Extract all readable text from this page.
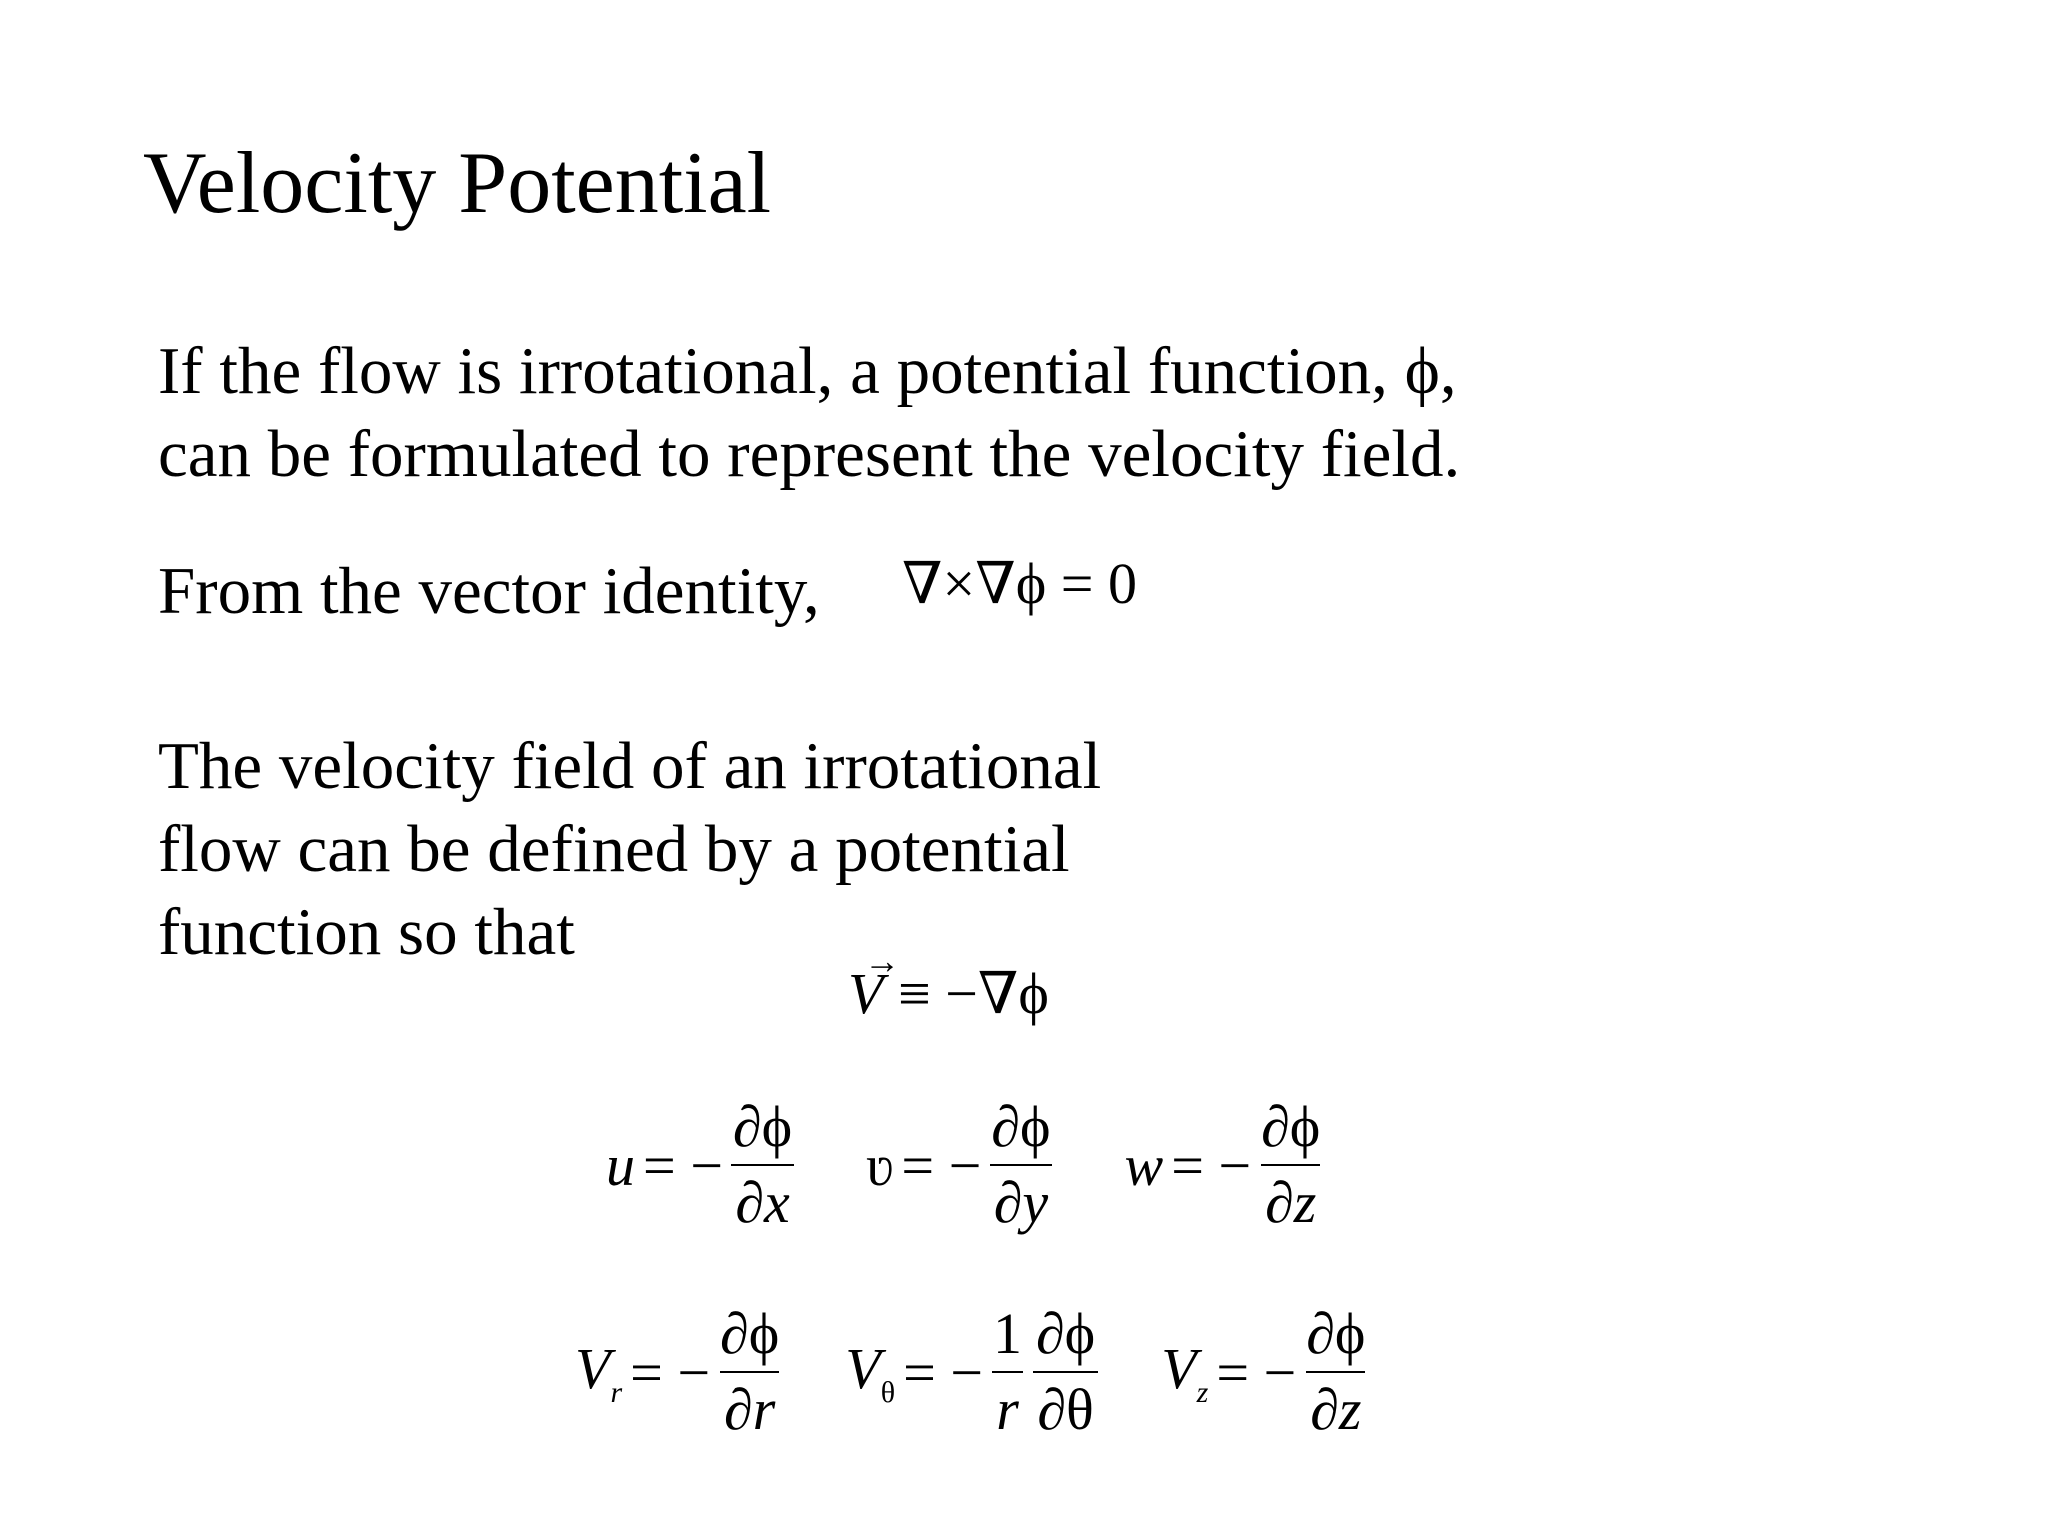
Velocity Potential
If the flow is irrotational, a potential function, ϕ,
can be formulated to represent the velocity field.
From the vector identity, ∇×∇ϕ = 0
The velocity field of an irrotational
flow can be defined by a potential
function so that
V
→
≡ −∇ϕ
u = − $\frac{\partial\phi}{\partial x}$ ʋ = − $\frac{\partial\phi}{\partial y}$ w = − $\frac{\partial\phi}{\partial z}$
$V_r$ = − $\frac{\partial\phi}{\partial r} V_\theta$ = − $\frac{1}{r} \frac{\partial\phi}{\partial\theta} V_z$ = − $\frac{\partial\phi}{\partial z}$
